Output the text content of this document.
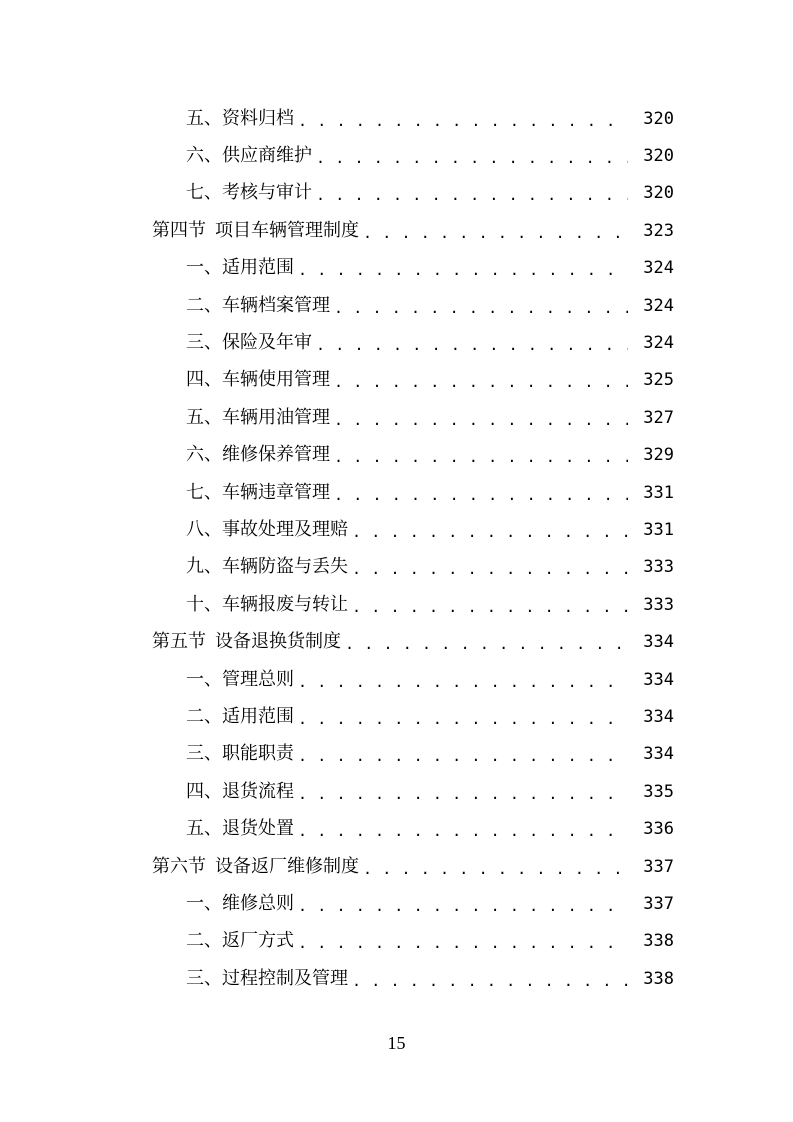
五、 资料归档 . . .	320
六、 供应商维护 . . .	320
七、 考核与审计 . . .	320
第四节 项目车辆管理制度 . . .	323
一、 适用范围 . . .	324
二、 车辆档案管理 . . .	324
三、 保险及年审 . . .	324
四、 车辆使用管理 . . .	325
五、 车辆用油管理 . . .	327
六、 维修保养管理 . . .	329
七、 车辆违章管理 . . .	331
八、 事故处理及理赔 . . .	331
九、 车辆防盗与丢失 . . .	333
十、 车辆报废与转让 . . .	333
第五节 设备退换货制度 . . .	334
一、 管理总则 . . .	334
二、 适用范围 . . .	334
三、 职能职责 . . .	334
四、 退货流程 . . .	335
五、 退货处置 . . .	336
第六节 设备返厂维修制度 . . .	337
一、 维修总则 . . .	337
二、 返厂方式 . . .	338
三、 过程控制及管理 . . .	338
15
